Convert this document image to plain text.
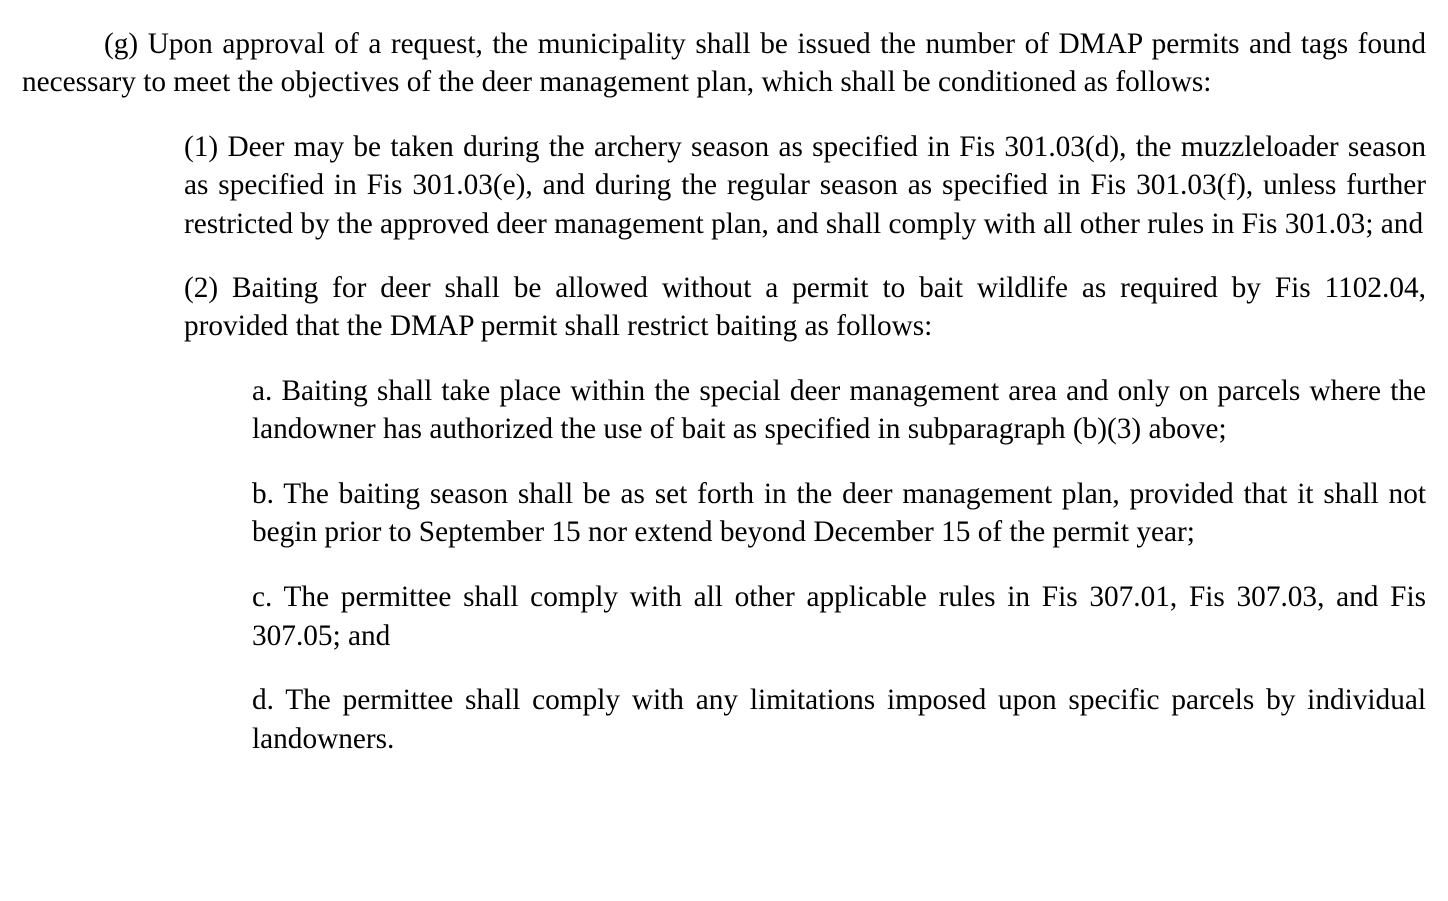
(g) Upon approval of a request, the municipality shall be issued the number of DMAP permits and tags found necessary to meet the objectives of the deer management plan, which shall be conditioned as follows:

(1) Deer may be taken during the archery season as specified in Fis 301.03(d), the muzzleloader season as specified in Fis 301.03(e), and during the regular season as specified in Fis 301.03(f), unless further restricted by the approved deer management plan, and shall comply with all other rules in Fis 301.03; and

(2) Baiting for deer shall be allowed without a permit to bait wildlife as required by Fis 1102.04, provided that the DMAP permit shall restrict baiting as follows:

a. Baiting shall take place within the special deer management area and only on parcels where the landowner has authorized the use of bait as specified in subparagraph (b)(3) above;

b. The baiting season shall be as set forth in the deer management plan, provided that it shall not begin prior to September 15 nor extend beyond December 15 of the permit year;

c. The permittee shall comply with all other applicable rules in Fis 307.01, Fis 307.03, and Fis 307.05; and

d. The permittee shall comply with any limitations imposed upon specific parcels by individual landowners.
